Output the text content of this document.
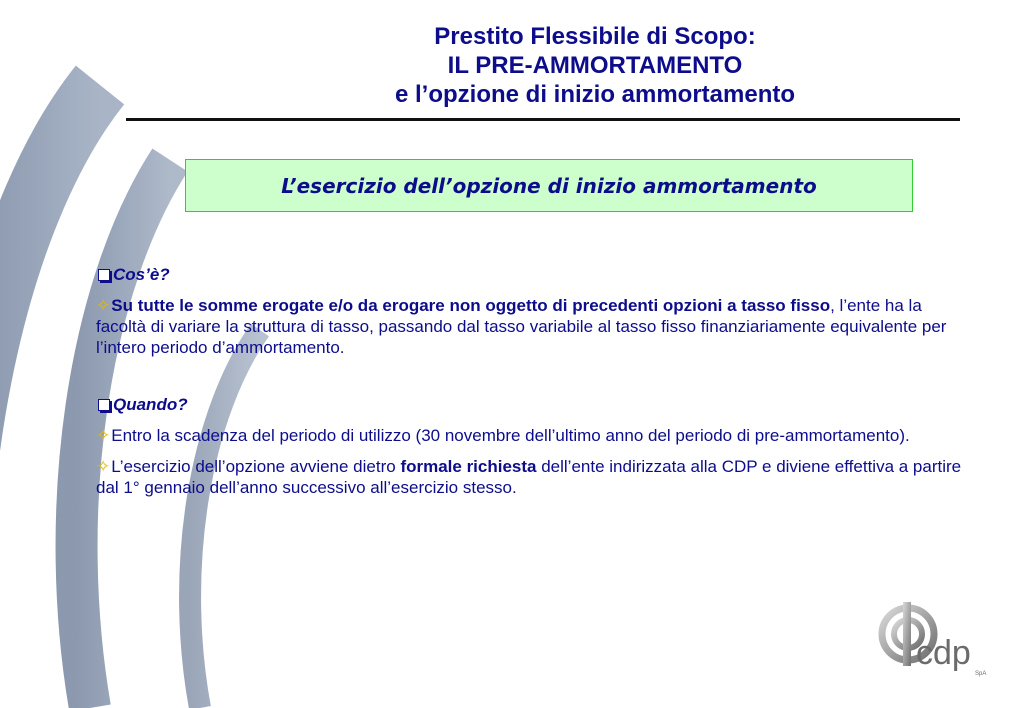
Prestito Flessibile di Scopo:
IL PRE-AMMORTAMENTO
e l’opzione di inizio ammortamento
L’esercizio dell’opzione di inizio ammortamento
Cos’è?
✧Su tutte le somme erogate e/o da erogare non oggetto di precedenti opzioni a tasso fisso, l’ente ha la facoltà di variare la struttura di tasso, passando dal tasso variabile al tasso fisso finanziariamente equivalente per l’intero periodo d’ammortamento.
Quando?
✧Entro la scadenza del periodo di utilizzo (30 novembre dell’ultimo anno del periodo di pre-ammortamento).
✧L’esercizio dell’opzione avviene dietro formale richiesta dell’ente indirizzata alla CDP e diviene effettiva a partire dal 1° gennaio dell’anno successivo all’esercizio stesso.
cdp
SpA
